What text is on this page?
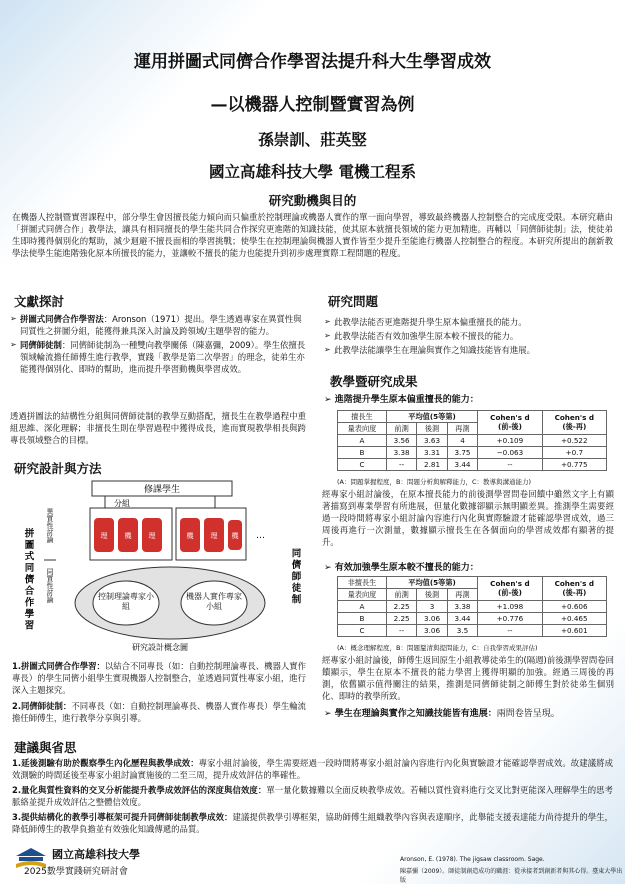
運用拼圖式同儕合作學習法提升科大生學習成效
—以機器人控制暨實習為例
孫崇訓、莊英竪
國立高雄科技大學 電機工程系
研究動機與目的
在機器人控制暨實習課程中，部分學生會因擅長能力傾向而只偏重於控制理論或機器人實作的單一面向學習，導致最終機器人控制整合的完成度受限。本研究藉由「拼圖式同儕合作」教學法，讓具有相同擅長的學生能共同合作探究更進階的知識技能，使其原本就擅長領域的能力更加精進。再輔以「同儕師徒制」法，使徒弟生即時獲得個別化的幫助，減少迴避不擅長面相的學習挑戰；使學生在控制理論與機器人實作皆至少提升至能進行機器人控制整合的程度。本研究所提出的創新教學法使學生能進階強化原本所擅長的能力，並讓較不擅長的能力也能提升到初步處理實際工程問題的程度。
文獻探討
➢ 拼圖式同儕合作學習法：Aronson（1971）提出。學生透過專家在異質性與同質性之拼圖分組，能獲得兼具深入討論及跨領域/主題學習的能力。
➢ 同儕師徒制：同儕師徒制為一種雙向教學關係（陳嘉彌，2009）。學生依擅長領域輪流擔任師傅生進行教學，實踐「教學是第二次學習」的理念，徒弟生亦能獲得個別化、即時的幫助，進而提升學習動機與學習成效。
透過拼圖法的結構性分組與同儕師徒制的教學互動搭配，擅長生在教學過程中重組思維、深化理解；非擅長生則在學習過程中獲得成長，進而實現教學相長與跨專長領域整合的目標。
研究設計與方法
修課學生
分組
…
理 機 理	機 理 機
拼圖式同儕合作學習
異質性討論
同質性討論	控制理論專家小組
機器人實作專家小組
同儕師徒制
研究設計概念圖
1.拼圖式同儕合作學習：以結合不同專長（如：自動控制理論專長、機器人實作專長）的學生同儕小組學生實現機器人控制整合，並透過同質性專家小組，進行深入主題探究。
2.同儕師徒制：不同專長（如：自動控制理論專長、機器人實作專長）學生輪流擔任師傅生，進行教學分享與引導。
研究問題
➢ 此教學法能否更進階提升學生原本偏重擅長的能力。
➢ 此教學法能否有效加強學生原本較不擅長的能力。
➢ 此教學法能讓學生在理論與實作之知識技能皆有進展。
教學暨研究成果
➢ 進階提升學生原本偏重擅長的能力：
擅長生	平均值(5等第)			Cohen's d
(前-後)	Cohen's d
(後-再)
量表向度	前測	後測	再測		
A	3.56	3.63	4	+0.109	+0.522
B	3.38	3.31	3.75	−0.063	+0.7
C	--	2.81	3.44	--	+0.775
(A：問題掌握程度，B：問題分析與解釋能力，C：教導與溝通能力)
經專家小組討論後，在原本擅長能力的前後測學習問卷回饋中雖然文字上有顯著描寫到專業學習有所進展，但量化數據卻顯示無明顯差異。推測學生需要經過一段時間將專家小組討論內容進行內化與實際驗證才能確認學習成效，過三周後再進行一次測量，數據顯示擅長生在各個面向的學習成效都有顯著的提升。
➢ 有效加強學生原本較不擅長的能力：
非擅長生	平均值(5等第)			Cohen's d
(前-後)	Cohen's d
(後-再)
量表向度	前測	後測	再測		
A	2.25	3	3.38	+1.098	+0.606
B	2.25	3.06	3.44	+0.776	+0.465
C	--	3.06	3.5	--	+0.601
(A：概念理解程度，B：問題釐清與提問能力，C：自我學習成果評估)
經專家小組討論後，師傅生返回原生小組教導徒弟生的(隔週)前後測學習問卷回饋顯示，學生在原本不擅長的能力學習上獲得明顯的加強。經過三周後的再測，依舊顯示值得關注的結果，推測是同儕師徒制之師傅生對於徒弟生個別化、即時的教學所致。
➢ 學生在理論與實作之知識技能皆有進展：兩問卷皆呈現。
建議與省思
1.延後測驗有助於觀察學生內化歷程與教學成效：專家小組討論後，學生需要經過一段時間將專家小組討論內容進行內化與實驗證才能確認學習成效。故建議將成效測驗的時間延後至專家小組討論實施後的二至三周，提升成效評估的準確性。
2.量化與質性資料的交叉分析能提升教學成效評估的深度與信效度：單一量化數據難以全面反映教學成效。若輔以質性資料進行交叉比對更能深入理解學生的思考脈絡並提升成效評估之整體信效度。
3.提供結構化的教學引導框架可提升同儕師徒制教學成效：建議提供教學引導框架，協助師傅生組織教學內容與表達順序，此舉能支援表達能力尚待提升的學生，降低師傅生的教學負擔並有效強化知識傳遞的品質。
國立高雄科技大學
2025數學實踐研究研討會
Aronson, E. (1978). The jigsaw classroom. Sage.
陳嘉彌（2009）。師徒制創造成功的職涯：從承接者到創新者與其心得。臺東大學出版
